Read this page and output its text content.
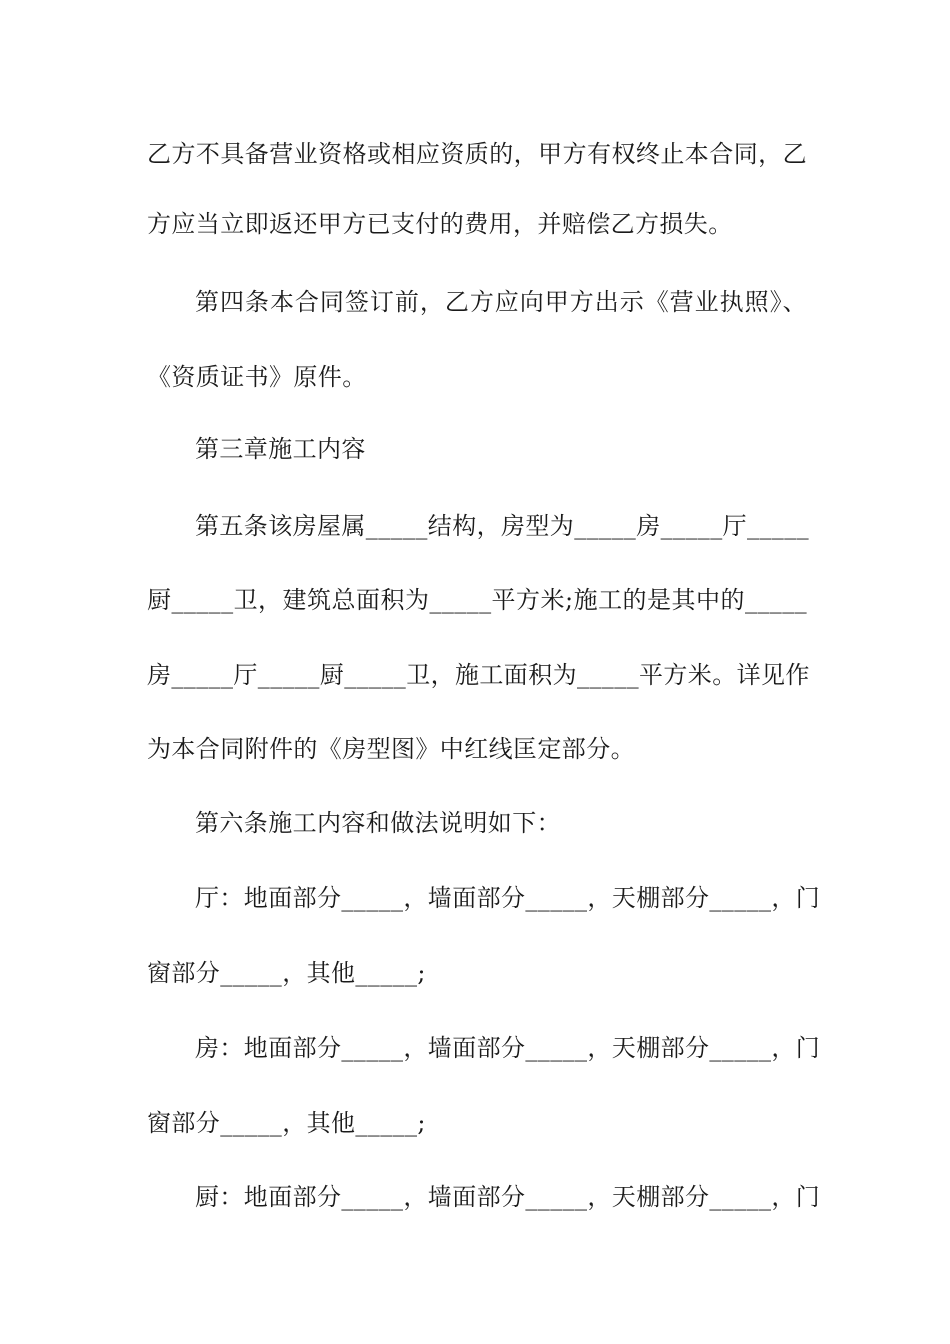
乙方不具备营业资格或相应资质的，甲方有权终止本合同，乙
方应当立即返还甲方已支付的费用，并赔偿乙方损失。
第四条本合同签订前，乙方应向甲方出示《营业执照》、
《资质证书》原件。
第三章施工内容
第五条该房屋属_____结构，房型为_____房_____厅_____
厨_____卫，建筑总面积为_____平方米;施工的是其中的_____
房_____厅_____厨_____卫，施工面积为_____平方米。详见作
为本合同附件的《房型图》中红线匡定部分。
第六条施工内容和做法说明如下：
厅：地面部分_____，墙面部分_____，天棚部分_____，门
窗部分_____，其他_____;
房：地面部分_____，墙面部分_____，天棚部分_____，门
窗部分_____，其他_____;
厨：地面部分_____，墙面部分_____，天棚部分_____，门
